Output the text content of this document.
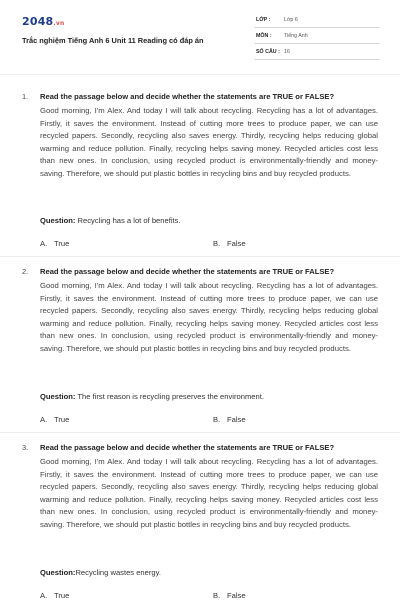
2048.vn
Trắc nghiệm Tiếng Anh 6 Unit 11 Reading có đáp án
LỚP :	Lớp 6
MÔN : Tiếng Anh
SỐ CÂU : 16
1. Read the passage below and decide whether the statements are TRUE or FALSE?

Good morning, I'm Alex. And today I will talk about recycling. Recycling has a lot of advantages. Firstly, it saves the environment. Instead of cutting more trees to produce paper, we can use recycled papers. Secondly, recycling also saves energy. Thirdly, recycling helps reducing global warming and reduce pollution. Finally, recycling helps saving money. Recycled articles cost less than new ones. In conclusion, using recycled product is environmentally-friendly and money-saving. Therefore, we should put plastic bottles in recycling bins and buy recycled products.

Question: Recycling has a lot of benefits.
A. True	B. False
2. Read the passage below and decide whether the statements are TRUE or FALSE?

Good morning, I'm Alex. And today I will talk about recycling. Recycling has a lot of advantages. Firstly, it saves the environment. Instead of cutting more trees to produce paper, we can use recycled papers. Secondly, recycling also saves energy. Thirdly, recycling helps reducing global warming and reduce pollution. Finally, recycling helps saving money. Recycled articles cost less than new ones. In conclusion, using recycled product is environmentally-friendly and money-saving. Therefore, we should put plastic bottles in recycling bins and buy recycled products.

Question: The first reason is recycling preserves the environment.
A. True	B. False
3. Read the passage below and decide whether the statements are TRUE or FALSE?

Good morning, I'm Alex. And today I will talk about recycling. Recycling has a lot of advantages. Firstly, it saves the environment. Instead of cutting more trees to produce paper, we can use recycled papers. Secondly, recycling also saves energy. Thirdly, recycling helps reducing global warming and reduce pollution. Finally, recycling helps saving money. Recycled articles cost less than new ones. In conclusion, using recycled product is environmentally-friendly and money-saving. Therefore, we should put plastic bottles in recycling bins and buy recycled products.

Question:Recycling wastes energy.
A. True	B. False
